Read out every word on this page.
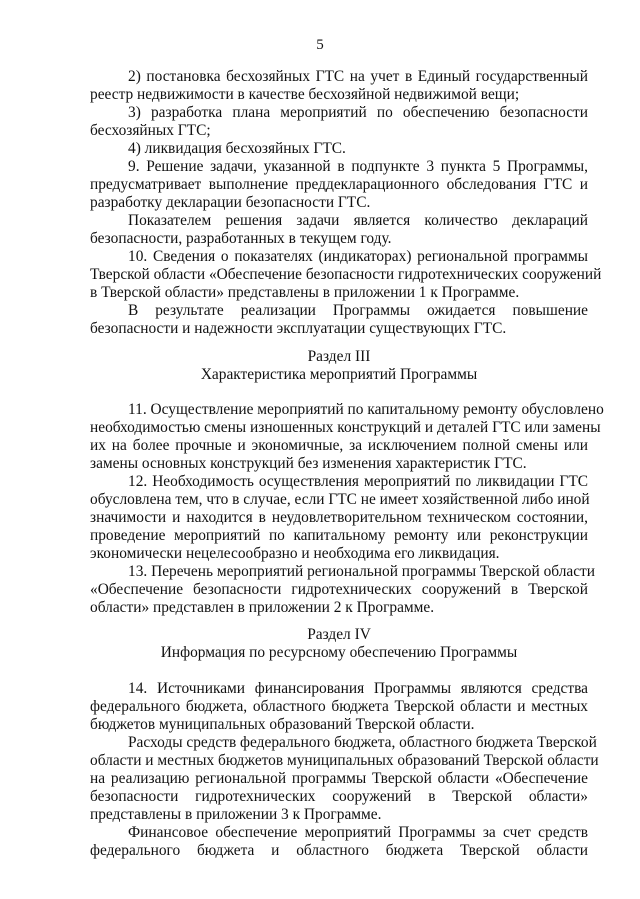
5
2) постановка бесхозяйных ГТС на учет в Единый государственный
реестр недвижимости в качестве бесхозяйной недвижимой вещи;
3) разработка плана мероприятий по обеспечению безопасности
бесхозяйных ГТС;
4) ликвидация бесхозяйных ГТС.
9. Решение задачи, указанной в подпункте 3 пункта 5 Программы,
предусматривает выполнение преддекларационного обследования ГТС и
разработку декларации безопасности ГТС.
Показателем решения задачи является количество деклараций
безопасности, разработанных в текущем году.
10. Сведения о показателях (индикаторах) региональной программы
Тверской области «Обеспечение безопасности гидротехнических сооружений
в Тверской области» представлены в приложении 1 к Программе.
В результате реализации Программы ожидается повышение
безопасности и надежности эксплуатации существующих ГТС.
Раздел III
Характеристика мероприятий Программы
11. Осуществление мероприятий по капитальному ремонту обусловлено
необходимостью смены изношенных конструкций и деталей ГТС или замены
их на более прочные и экономичные, за исключением полной смены или
замены основных конструкций без изменения характеристик ГТС.
12. Необходимость осуществления мероприятий по ликвидации ГТС
обусловлена тем, что в случае, если ГТС не имеет хозяйственной либо иной
значимости и находится в неудовлетворительном техническом состоянии,
проведение мероприятий по капитальному ремонту или реконструкции
экономически нецелесообразно и необходима его ликвидация.
13. Перечень мероприятий региональной программы Тверской области
«Обеспечение безопасности гидротехнических сооружений в Тверской
области» представлен в приложении 2 к Программе.
Раздел IV
Информация по ресурсному обеспечению Программы
14. Источниками финансирования Программы являются средства
федерального бюджета, областного бюджета Тверской области и местных
бюджетов муниципальных образований Тверской области.
Расходы средств федерального бюджета, областного бюджета Тверской
области и местных бюджетов муниципальных образований Тверской области
на реализацию региональной программы Тверской области «Обеспечение
безопасности гидротехнических сооружений в Тверской области»
представлены в приложении 3 к Программе.
Финансовое обеспечение мероприятий Программы за счет средств
федерального бюджета и областного бюджета Тверской области
